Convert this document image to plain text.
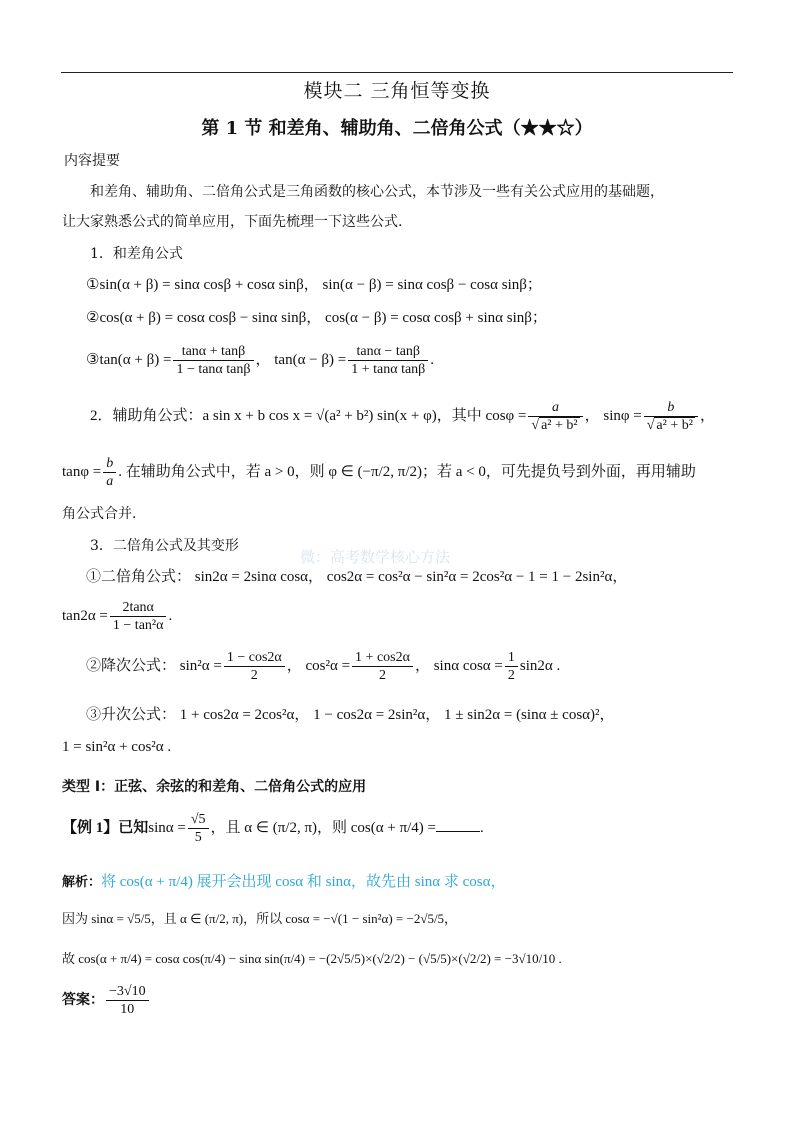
模块二 三角恒等变换
第 1 节 和差角、辅助角、二倍角公式（★★☆）
内容提要
和差角、辅助角、二倍角公式是三角函数的核心公式，本节涉及一些有关公式应用的基础题，
让大家熟悉公式的简单应用，下面先梳理一下这些公式.
1．和差角公式
①sin(α + β) = sinα cosβ + cosα sinβ， sin(α − β) = sinα cosβ − cosα sinβ；
②cos(α + β) = cosα cosβ − sinα sinβ， cos(α − β) = cosα cosβ + sinα sinβ；
③tan(α + $\beta) = \frac{\tan\alpha + \tan\beta}{\text{1 − tanα tanβ}}$ ， $\tan(\alpha - \beta) = \frac{\tan\alpha - \tan\beta}{\text{1 + tanα tanβ}}$ .
2．辅助角公式：a sin x + b cos x = √(a² + b²) sin(x + φ)，其中 $\cos\varphi = \frac{a}{\text{√ a² + b²}}$ ， $\sin\varphi = \frac{b}{\text{√ a² + b²}}$ ，
$\tan\varphi = \frac{b}{a}$ . 在辅助角公式中，若 a > 0，则 φ ∈ (−π/2, π/2)；若 a < 0，可先提负号到外面，再用辅助
角公式合并.
3．二倍角公式及其变形
微：高考数学核心方法
①二倍角公式： sin2α = 2sinα cosα， cos2α = cos²α − sin²α = 2cos²α − 1 = 1 − 2sin²α，
$\tan 2\alpha = \frac{2\tan\alpha}{\text{1 − tan²α}}$ .
②降次公式： $\sin^2\alpha = \frac{1 - \cos 2\alpha}{2}$ ， $\cos^2\alpha = \frac{1 + \cos 2\alpha}{2}$ ， sinα $\cos\alpha = \frac{1}{2} \sin 2\alpha$ .
③升次公式： 1 + cos2α = 2cos²α， 1 − cos2α = 2sin²α， 1 ± sin2α = (sinα ± cosα)²，
1 = sin²α + cos²α .
类型 I：正弦、余弦的和差角、二倍角公式的应用
【例 1】已知$\sin\alpha = \frac{√5}{5}$ ，且 α ∈ (π/2, π)，则 cos(α + π/4) =	.
解析：将 cos(α + π/4) 展开会出现 cosα 和 sinα，故先由 sinα 求 cosα，
因为 sinα = √5/5，且 α ∈ (π/2, π)，所以 cosα = −√(1 − sin²α) = −2√5/5，
故 cos(α + π/4) = cosα cos(π/4) − sinα sin(π/4) = −(2√5/5)×(√2/2) − (√5/5)×(√2/2) = −3√10/10 .
答案： $\frac{-3√10}{10}$
